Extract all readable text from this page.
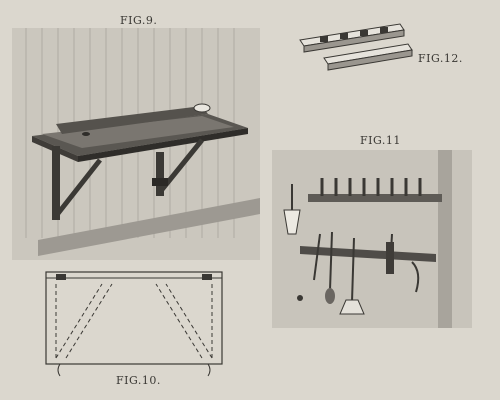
FIG.9.
FIG.12.
FIG.11
FIG.10.
